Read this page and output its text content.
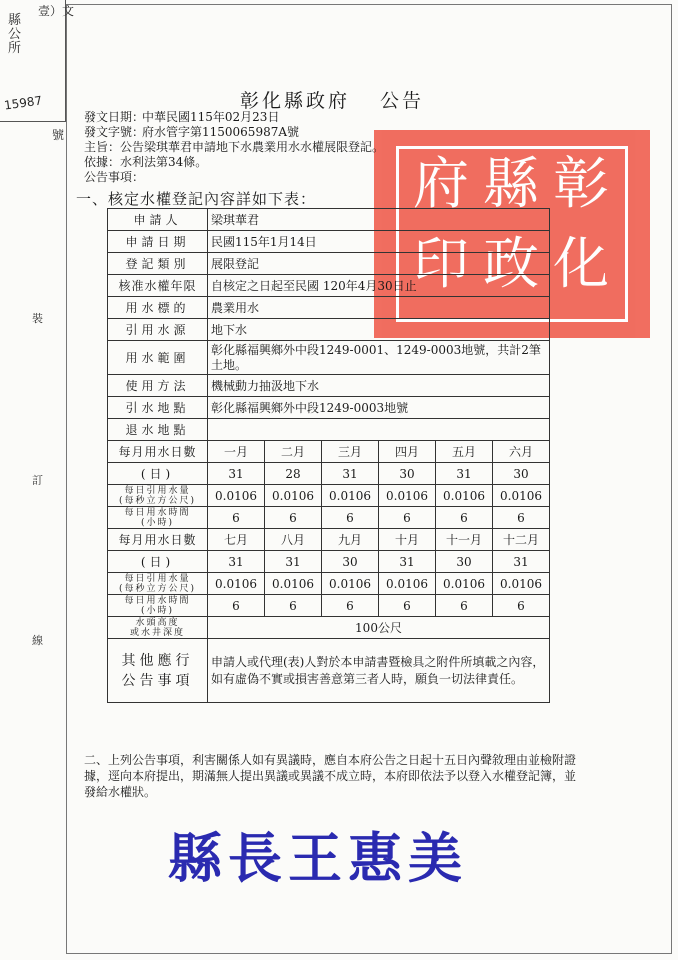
壹）文
縣公所
15987
號
裝
訂
線
彰
化
縣
政
府
印
彰化縣政府 公告
發文日期：中華民國115年02月23日
發文字號：府水管字第1150065987A號
主旨：公告梁琪華君申請地下水農業用水水權展限登記。
依據：水利法第34條。
公告事項：
一、核定水權登記內容詳如下表：
申請人	梁琪華君					
申請日期	民國115年1月14日					
登記類別	展限登記					
核准水權年限	自核定之日起至民國 120年4月30日止					
用水標的	農業用水					
引用水源	地下水					
用水範圍	彰化縣福興鄉外中段1249-0001、1249-0003地號，共計2筆土地。					
使用方法	機械動力抽汲地下水					
引水地點	彰化縣福興鄉外中段1249-0003地號					
退水地點						
每月用水日數	一月	二月	三月	四月	五月	六月
(日)	31	28	31	30	31	30
每日引用水量
(每秒立方公尺)	0.0106	0.0106	0.0106	0.0106	0.0106	0.0106
每日用水時間
(小時)	6	6	6	6	6	6
每月用水日數	七月	八月	九月	十月	十一月	十二月
(日)	31	31	30	31	30	31
每日引用水量
(每秒立方公尺)	0.0106	0.0106	0.0106	0.0106	0.0106	0.0106
每日用水時間
(小時)	6	6	6	6	6	6
水頭高度
或水井深度	100公尺					
其他應行
公告事項	申請人或代理(表)人對於本申請書暨檢具之附件所填載之內容，如有虛偽不實或損害善意第三者人時，願負一切法律責任。					
二、上列公告事項，利害關係人如有異議時，應自本府公告之日起十五日內聲敘理由並檢附證據，逕向本府提出，期滿無人提出異議或異議不成立時，本府即依法予以登入水權登記簿，並發給水權狀。
縣長王惠美
